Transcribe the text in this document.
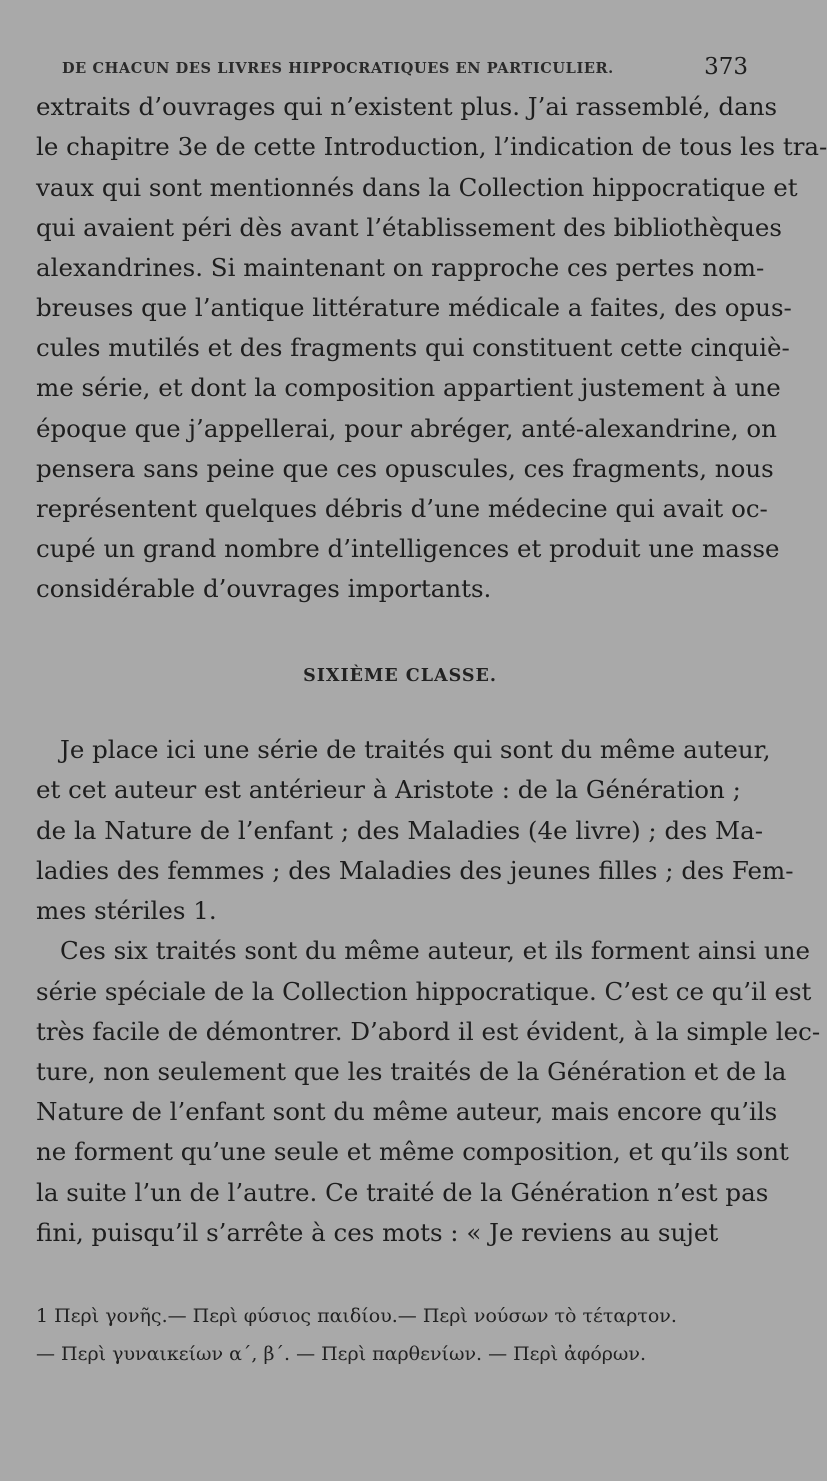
DE CHACUN DES LIVRES HIPPOCRATIQUES EN PARTICULIER.	373
extraits d’ouvrages qui n’existent plus. J’ai rassemblé, dans
le chapitre 3e de cette Introduction, l’indication de tous les tra-
vaux qui sont mentionnés dans la Collection hippocratique et
qui avaient péri dès avant l’établissement des bibliothèques
alexandrines. Si maintenant on rapproche ces pertes nom-
breuses que l’antique littérature médicale a faites, des opus-
cules mutilés et des fragments qui constituent cette cinquiè-
me série, et dont la composition appartient justement à une
époque que j’appellerai, pour abréger, anté-alexandrine, on
pensera sans peine que ces opuscules, ces fragments, nous
représentent quelques débris d’une médecine qui avait oc-
cupé un grand nombre d’intelligences et produit une masse
considérable d’ouvrages importants.
SIXIÈME CLASSE.
Je place ici une série de traités qui sont du même auteur,
et cet auteur est antérieur à Aristote : de la Génération ;
de la Nature de l’enfant ; des Maladies (4e livre) ; des Ma-
ladies des femmes ; des Maladies des jeunes filles ; des Fem-
mes stériles 1.
Ces six traités sont du même auteur, et ils forment ainsi une
série spéciale de la Collection hippocratique. C’est ce qu’il est
très facile de démontrer. D’abord il est évident, à la simple lec-
ture, non seulement que les traités de la Génération et de la
Nature de l’enfant sont du même auteur, mais encore qu’ils
ne forment qu’une seule et même composition, et qu’ils sont
la suite l’un de l’autre. Ce traité de la Génération n’est pas
fini, puisqu’il s’arrête à ces mots : « Je reviens au sujet
1 Περὶ γονῆς.— Περὶ φύσιος παιδίου.— Περὶ νούσων τὸ τέταρτον.
— Περὶ γυναικείων α΄, β΄. — Περὶ παρθενίων. — Περὶ ἀφόρων.
